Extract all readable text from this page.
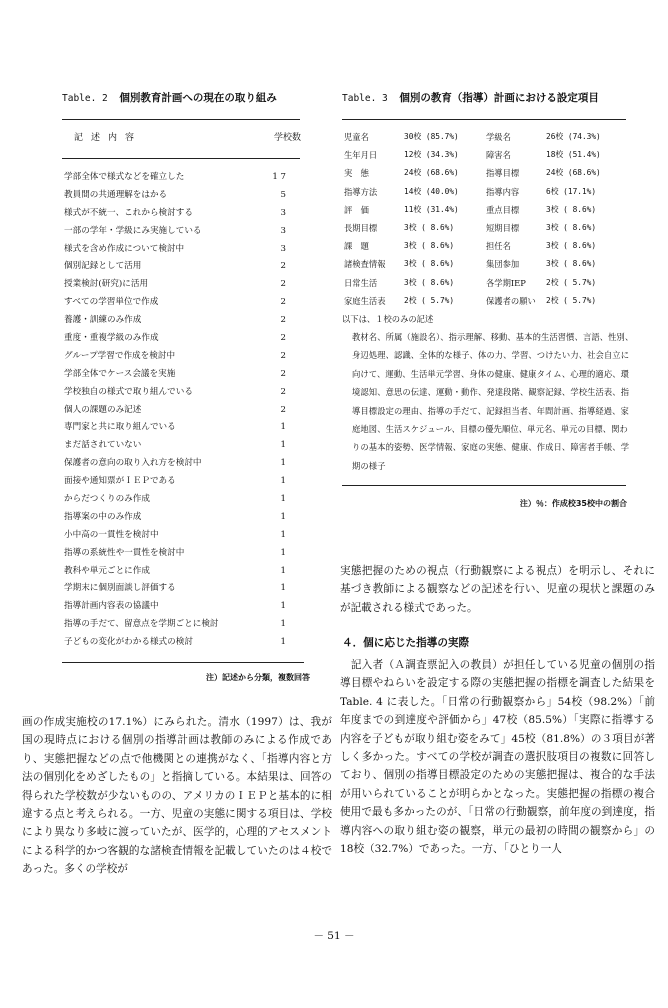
Table. 2 個別教育計画への現在の取り組み
記述内容	学校数
学部全体で様式などを確立した	1 7
教員間の共通理解をはかる	5
様式が不統一、これから検討する	3
一部の学年・学級にみ実施している	3
様式を含め作成について検討中	3
個別記録として活用	2
授業検討(研究)に活用	2
すべての学習単位で作成	2
養護・訓練のみ作成	2
重度・重複学級のみ作成	2
グループ学習で作成を検討中	2
学部全体でケース会議を実施	2
学校独自の様式で取り組んでいる	2
個人の課題のみ記述	2
専門家と共に取り組んでいる	1
まだ話されていない	1
保護者の意向の取り入れ方を検討中	1
面接や通知票がＩＥＰである	1
からだつくりのみ作成	1
指導案の中のみ作成	1
小中高の一貫性を検討中	1
指導の系統性や一貫性を検討中	1
教科や単元ごとに作成	1
学期末に個別面談し評価する	1
指導計画内容表の協議中	1
指導の手だて、留意点を学期ごとに検討	1
子どもの変化がわかる様式の検討	1
注）記述から分類，複数回答
Table. 3 個別の教育（指導）計画における設定項目
児童名	30校 (85.7%)	学級名	26校 (74.3%)
生年月日	12校 (34.3%)	障害名	18校 (51.4%)
実　態	24校 (68.6%)	指導目標	24校 (68.6%)
指導方法	14校 (40.0%)	指導内容	6校 (17.1%)
評　価	11校 (31.4%)	重点目標	3校 ( 8.6%)
長期目標	3校 ( 8.6%)	短期目標	3校 ( 8.6%)
課　題	3校 ( 8.6%)	担任名	3校 ( 8.6%)
諸検査情報	3校 ( 8.6%)	集団参加	3校 ( 8.6%)
日常生活	3校 ( 8.6%)	各学期IEP	2校 ( 5.7%)
家庭生活表	2校 ( 5.7%)	保護者の願い	2校 ( 5.7%)
以下は、１校のみの記述
教材名、所属（施設名）、指示理解、移動、基本的生活習慣、言語、性別、身辺処理、認識、全体的な様子、体の力、学習、つけたい力、社会自立に向けて、運動、生活単元学習、身体の健康、健康タイム、心理的適応、環境認知、意思の伝達、運動・動作、発達段階、観察記録、学校生活表、指導目標設定の理由、指導の手だて、記録担当者、年間計画、指導経過、家庭地図、生活スケジュール、目標の優先順位、単元名、単元の目標、関わりの基本的姿勢、医学情報、家庭の実態、健康、作成日、障害者手帳、学期の様子
注）％：作成校35校中の割合
画の作成実施校の17.1%）にみられた。清水（1997）は、我が国の現時点における個別の指導計画は教師のみによる作成であり、実態把握などの点で他機関との連携がなく、「指導内容と方法の個別化をめざしたもの」と指摘している。本結果は、回答の得られた学校数が少ないものの、アメリカのＩＥＰと基本的に相違する点と考えられる。一方、児童の実態に関する項目は、学校により異なり多岐に渡っていたが、医学的，心理的アセスメントによる科学的かつ客観的な諸検査情報を記載していたのは４校であった。多くの学校が
実態把握のための視点（行動観察による視点）を明示し、それに基づき教師による観察などの記述を行い、児童の現状と課題のみが記載される様式であった。
４．個に応じた指導の実際
　記入者（Ａ調査票記入の教員）が担任している児童の個別の指導目標やねらいを設定する際の実態把握の指標を調査した結果をTable. 4 に表した。「日常の行動観察から」54校（98.2%）「前年度までの到達度や評価から」47校（85.5%）「実際に指導する内容を子どもが取り組む姿をみて」45校（81.8%）の３項目が著しく多かった。すべての学校が調査の選択肢項目の複数に回答しており、個別の指導目標設定のための実態把握は、複合的な手法が用いられていることが明らかとなった。実態把握の指標の複合使用で最も多かったのが、「日常の行動観察，前年度の到達度，指導内容への取り組む姿の観察，単元の最初の時間の観察から」の18校（32.7%）であった。一方、「ひとり一人
－ 51 －
